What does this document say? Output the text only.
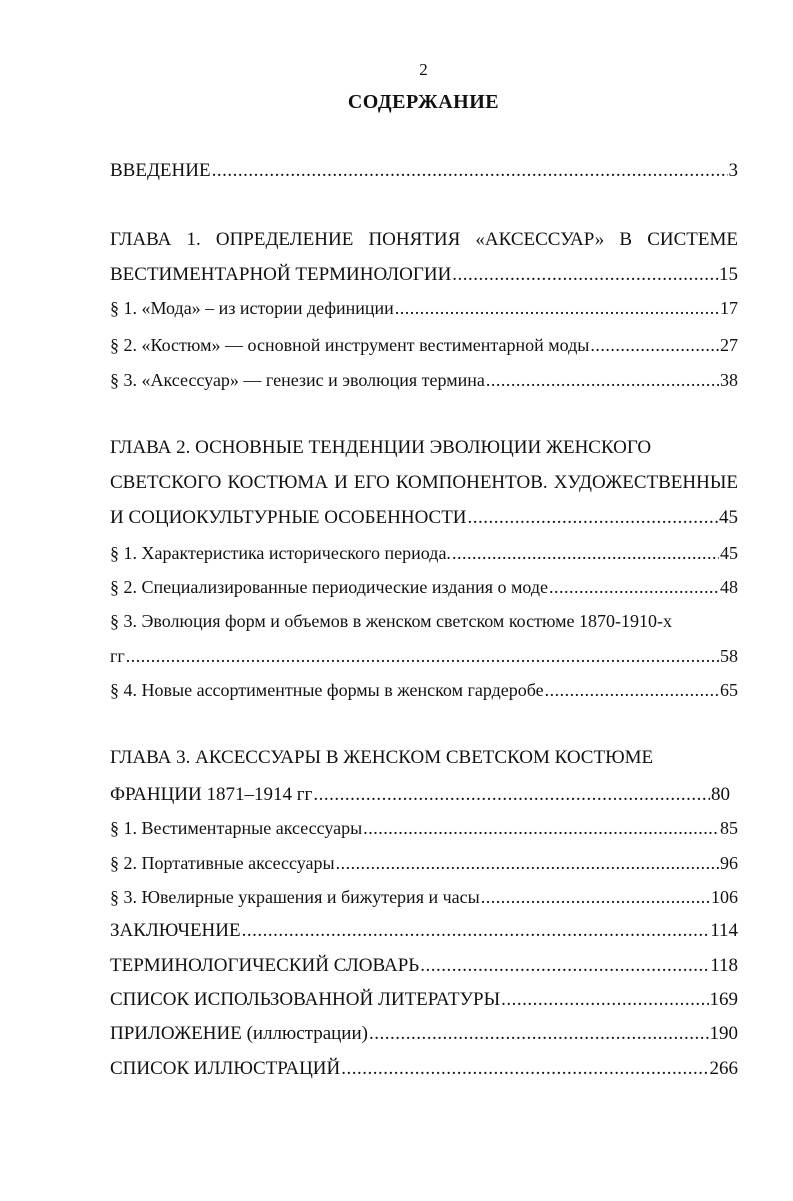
2
СОДЕРЖАНИЕ
ВВЕДЕНИЕ .....	3
ГЛАВА 1. ОПРЕДЕЛЕНИЕ ПОНЯТИЯ «АКСЕССУАР» В СИСТЕМЕ
ВЕСТИМЕНТАРНОЙ ТЕРМИНОЛОГИИ .....	15
§ 1. «Мода» – из истории дефиниции .....	17
§ 2. «Костюм» — основной инструмент вестиментарной моды .....	27
§ 3. «Аксессуар» — генезис и эволюция термина .....	38
ГЛАВА 2. ОСНОВНЫЕ ТЕНДЕНЦИИ ЭВОЛЮЦИИ ЖЕНСКОГО
СВЕТСКОГО КОСТЮМА И ЕГО КОМПОНЕНТОВ. ХУДОЖЕСТВЕННЫЕ
И СОЦИОКУЛЬТУРНЫЕ ОСОБЕННОСТИ .....	45
§ 1. Характеристика исторического периода. .....	45
§ 2. Специализированные периодические издания о моде .....	48
§ 3. Эволюция форм и объемов в женском светском костюме 1870-1910-х
гг .....	58
§ 4. Новые ассортиментные формы в женском гардеробе .....	65
ГЛАВА 3. АКСЕССУАРЫ В ЖЕНСКОМ СВЕТСКОМ КОСТЮМЕ
ФРАНЦИИ 1871–1914 гг .....	80
§ 1. Вестиментарные аксессуары .....	85
§ 2. Портативные аксессуары .....	96
§ 3. Ювелирные украшения и бижутерия и часы .....	106
ЗАКЛЮЧЕНИЕ .....	114
ТЕРМИНОЛОГИЧЕСКИЙ СЛОВАРЬ .....	118
СПИСОК ИСПОЛЬЗОВАННОЙ ЛИТЕРАТУРЫ .....	169
ПРИЛОЖЕНИЕ (иллюстрации) .....	190
СПИСОК ИЛЛЮСТРАЦИЙ .....	266
